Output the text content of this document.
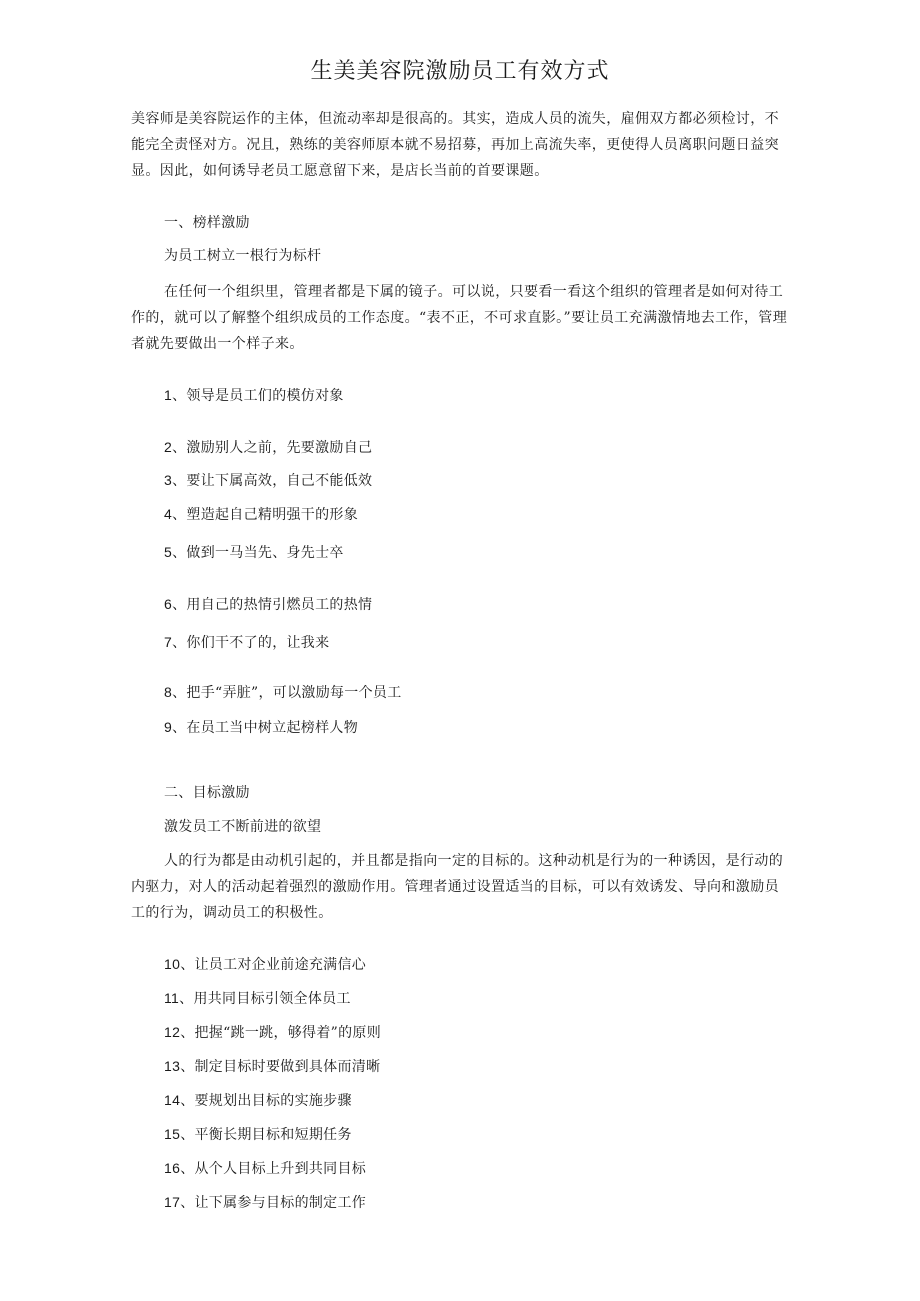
生美美容院激励员工有效方式

美容师是美容院运作的主体，但流动率却是很高的。其实，造成人员的流失，雇佣双方都必须检讨，不能完全责怪对方。况且，熟练的美容师原本就不易招募，再加上高流失率，更使得人员离职问题日益突显。因此，如何诱导老员工愿意留下来，是店长当前的首要课题。

一、榜样激励

为员工树立一根行为标杆

在任何一个组织里，管理者都是下属的镜子。可以说，只要看一看这个组织的管理者是如何对待工作的，就可以了解整个组织成员的工作态度。“表不正，不可求直影。”要让员工充满激情地去工作，管理者就先要做出一个样子来。

1、领导是员工们的模仿对象

2、激励别人之前，先要激励自己

3、要让下属高效，自己不能低效

4、塑造起自己精明强干的形象

5、做到一马当先、身先士卒

6、用自己的热情引燃员工的热情

7、你们干不了的，让我来

8、把手“弄脏”，可以激励每一个员工

9、在员工当中树立起榜样人物

二、目标激励

激发员工不断前进的欲望

人的行为都是由动机引起的，并且都是指向一定的目标的。这种动机是行为的一种诱因，是行动的内驱力，对人的活动起着强烈的激励作用。管理者通过设置适当的目标，可以有效诱发、导向和激励员工的行为，调动员工的积极性。

10、让员工对企业前途充满信心

11、用共同目标引领全体员工

12、把握“跳一跳，够得着”的原则

13、制定目标时要做到具体而清晰

14、要规划出目标的实施步骤

15、平衡长期目标和短期任务

16、从个人目标上升到共同目标

17、让下属参与目标的制定工作
